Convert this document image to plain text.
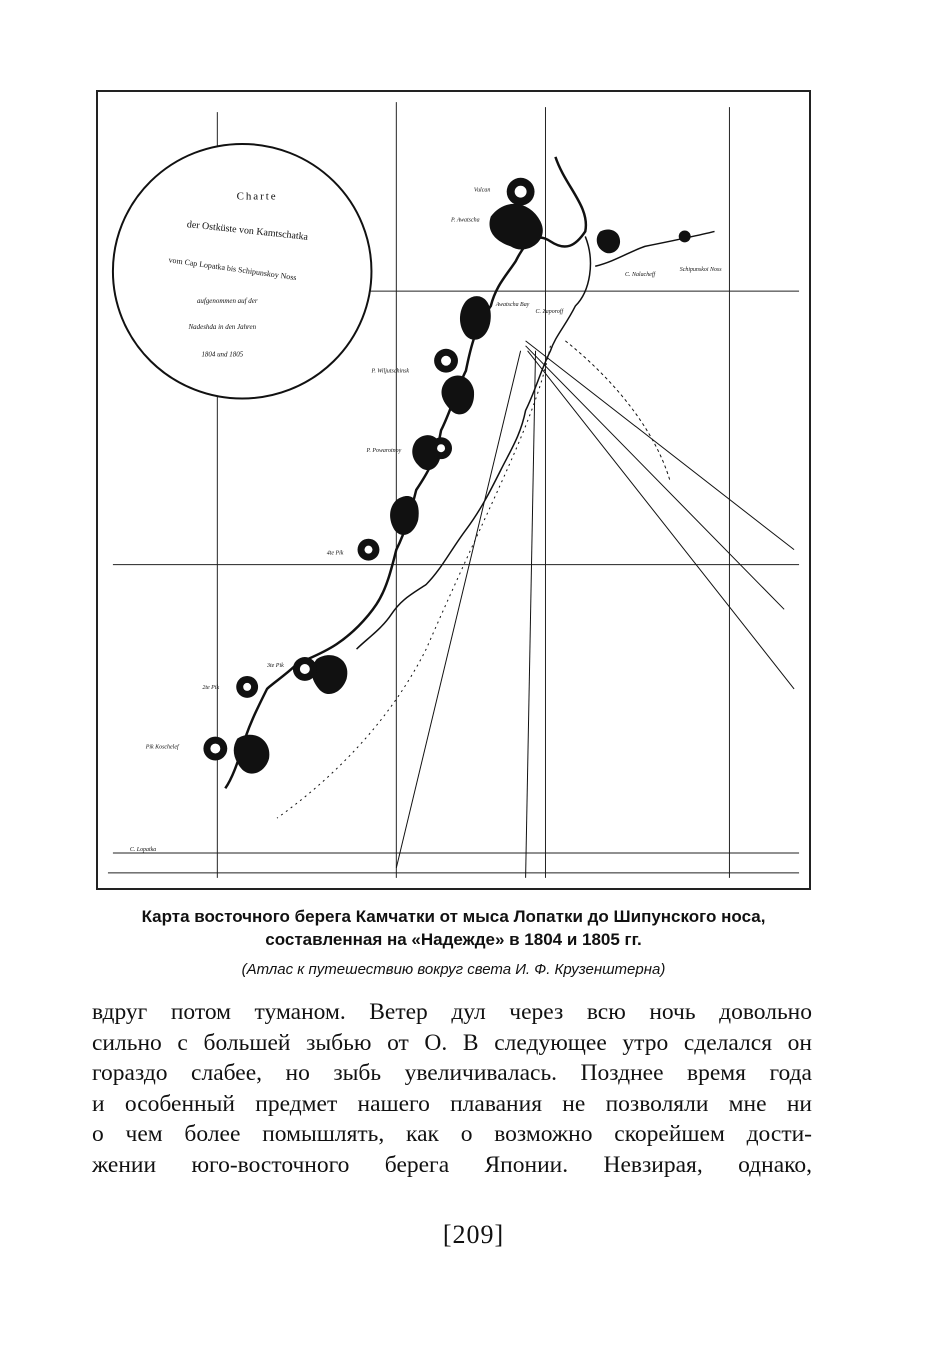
Charte
der Ostküste von Kamtschatka
vom Cap Lopatka bis Schipunskoy Noss
aufgenommen auf der
Nadeshda in den Jahren
1804 und 1805
Vulcan
P. Awatscha
Schipunskoi Noss
C. Nalacheff
C. Zaporoff
Awatscha Bay
P. Wiljutschinsk
P. Powarotnoy
4te Pik
3te Pik
2te Pik
Pik Koschelef
C. Lopatka
Карта восточного берега Камчатки от мыса Лопатки до Шипунского носа,
составленная на «Надежде» в 1804 и 1805 гг.
(Атлас к путешествию вокруг света И. Ф. Крузенштерна)
вдруг потом туманом. Ветер дул через всю ночь довольно
сильно с большей зыбью от О. В следующее утро сделался он
гораздо слабее, но зыбь увеличивалась. Позднее время года
и особенный предмет нашего плавания не позволяли мне ни
о чем более помышлять, как о возможно скорейшем дости-
жении юго-восточного берега Японии. Невзирая, однако,
[209]
